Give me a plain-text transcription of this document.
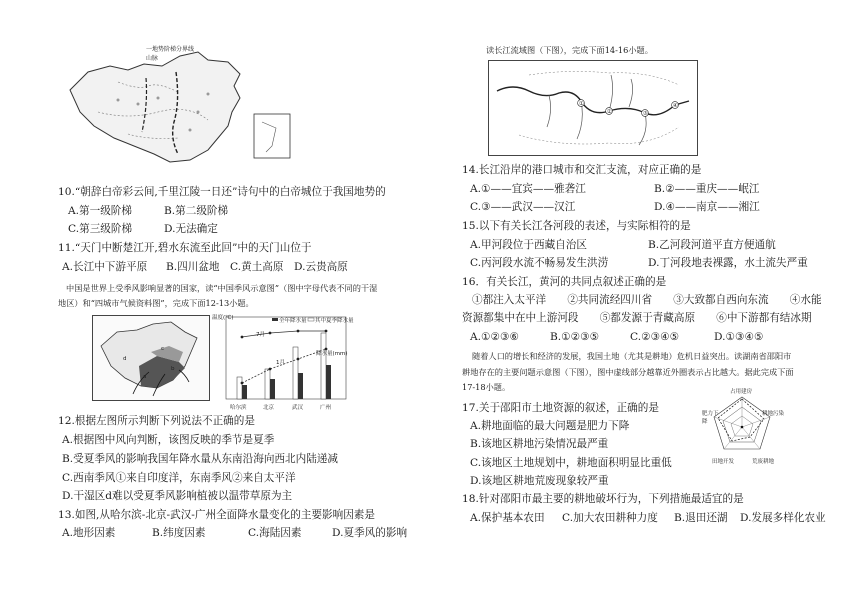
一地势阶梯分界线
山脉
10.“朝辞白帝彩云间,千里江陵一日还”诗句中的白帝城位于我国地势的
A.第一级阶梯	B.第二级阶梯
C.第三级阶梯	D.无法确定
11.“天门中断楚江开,碧水东流至此回”中的天门山位于
A.长江中下游平原 B.四川盆地 C.黄土高原 D.云贵高原
中国是世界上受季风影响显著的国家，读“中国季风示意图”（图中字母代表不同的干湿
地区）和“四城市气候资料图”，完成下面12-13小题。
d
c
a
b
温度(℃)	全年降水量 其中夏季降水量
7月
1月
降水量(mm)
哈尔滨	北京	武汉	广州
12.根据左图所示判断下列说法不正确的是
A.根据图中风向判断，该图反映的季节是夏季
B.受夏季风的影响我国年降水量从东南沿海向西北内陆递减
C.西南季风①来自印度洋，东南季风②来自太平洋
D.干湿区d难以受夏季风影响植被以温带草原为主
13.如图,从哈尔滨-北京-武汉-广州全面降水量变化的主要影响因素是
A.地形因素	B.纬度因素	C.海陆因素	D.夏季风的影响
读长江流域图（下图），完成下面14-16小题。
①
②	③
④
14.长江沿岸的港口城市和交汇支流，对应正确的是
A.①——宜宾——雅砻江	B.②——重庆——岷江
C.③——武汉——汉江	D.④——南京——湘江
15.以下有关长江各河段的表述，与实际相符的是
A.甲河段位于西藏自治区	B.乙河段河道平直方便通航
C.丙河段水流不畅易发生洪涝	D.丁河段地表裸露，水土流失严重
16．有关长江，黄河的共同点叙述正确的是
①都注入太平洋　　②共同流经四川省　　③大致都自西向东流　　④水能
资源都集中在中上游河段　　⑤都发源于青藏高原　　⑥中下游都有结冰期
A.①②③⑥	B.①②③⑤	C.②③④⑤	D.①③④⑤
随着人口的增长和经济的发展，我国土地（尤其是耕地）危机日益突出。读湖南省邵阳市
耕地存在的主要问题示意图（下图），图中虚线部分越靠近外圈表示占比越大。据此完成下面
17-18小题。	占用建房
耕地污染
荒废耕地
田地开发
肥力下降
17.关于邵阳市土地资源的叙述，正确的是
A.耕地面临的最大问题是肥力下降
B.该地区耕地污染情况最严重
C.该地区土地规划中，耕地面积明显比重低
D.该地区耕地荒废现象较严重
18.针对邵阳市最主要的耕地破坏行为，下列措施最适宜的是
A.保护基本农田 C.加大农田耕种力度 B.退田还湖 D.发展多样化农业
